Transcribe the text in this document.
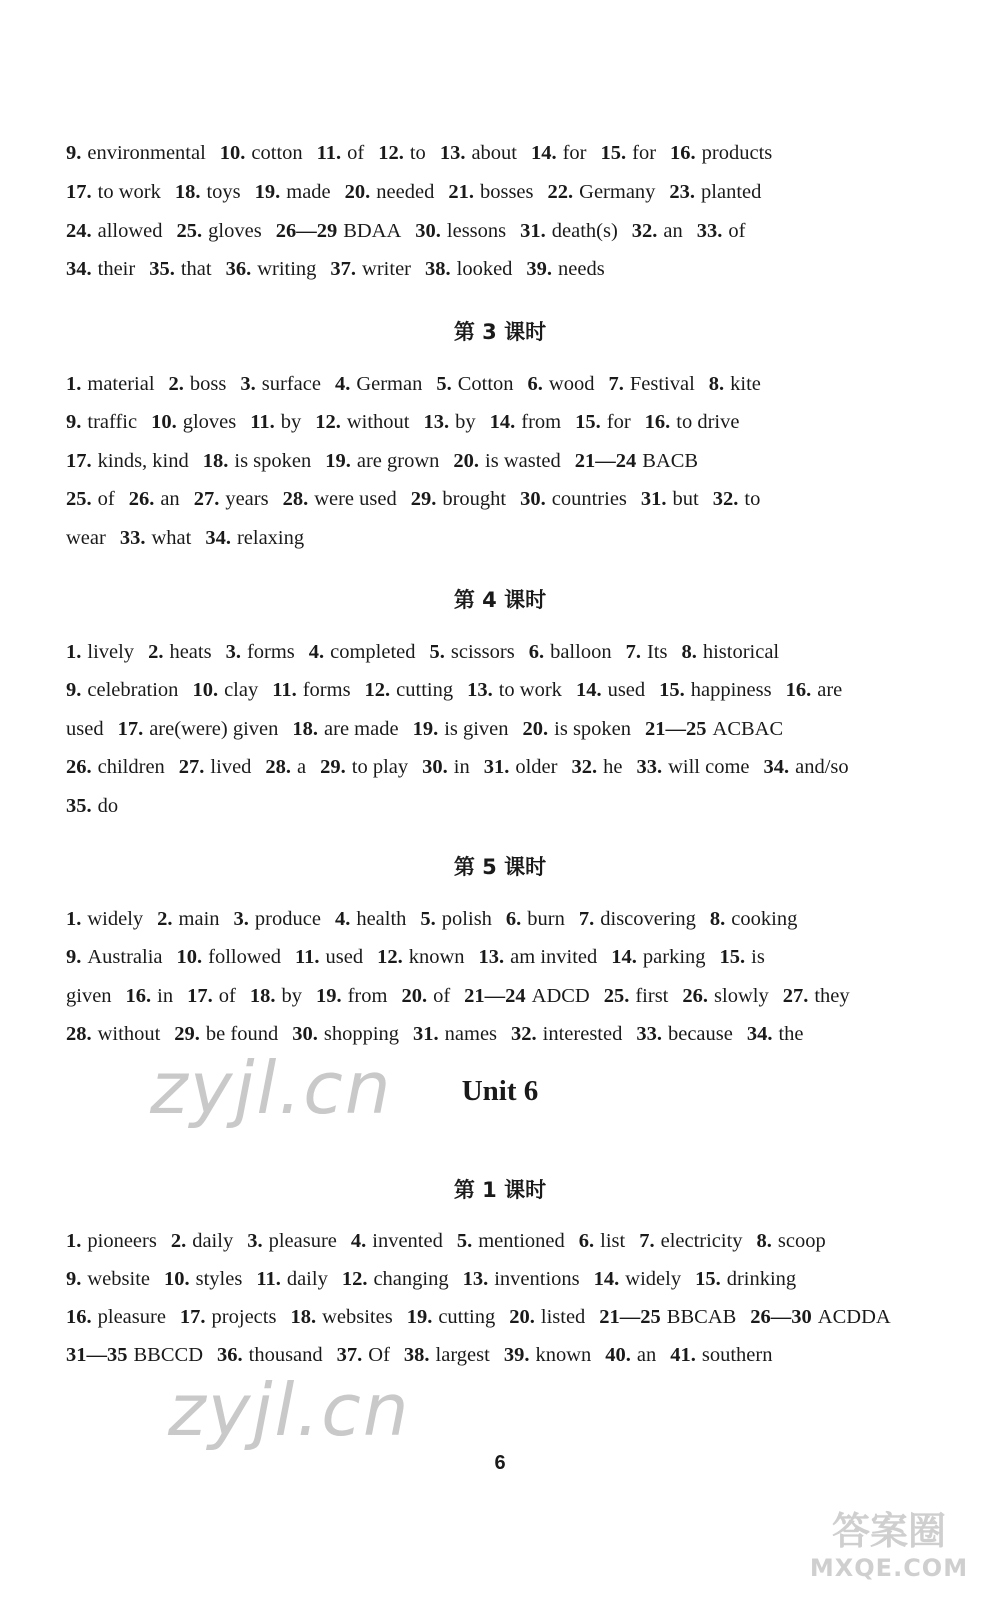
9. environmental 10. cotton 11. of 12. to 13. about 14. for 15. for 16. products
17. to work 18. toys 19. made 20. needed 21. bosses 22. Germany 23. planted
24. allowed 25. gloves 26—29 BDAA 30. lessons 31. death(s) 32. an 33. of
34. their 35. that 36. writing 37. writer 38. looked 39. needs
第 3 课时
1. material 2. boss 3. surface 4. German 5. Cotton 6. wood 7. Festival 8. kite
9. traffic 10. gloves 11. by 12. without 13. by 14. from 15. for 16. to drive
17. kinds, kind 18. is spoken 19. are grown 20. is wasted 21—24 BACB
25. of 26. an 27. years 28. were used 29. brought 30. countries 31. but 32. to
wear 33. what 34. relaxing
第 4 课时
1. lively 2. heats 3. forms 4. completed 5. scissors 6. balloon 7. Its 8. historical
9. celebration 10. clay 11. forms 12. cutting 13. to work 14. used 15. happiness 16. are
used 17. are(were) given 18. are made 19. is given 20. is spoken 21—25 ACBAC
26. children 27. lived 28. a 29. to play 30. in 31. older 32. he 33. will come 34. and/so
35. do
第 5 课时
1. widely 2. main 3. produce 4. health 5. polish 6. burn 7. discovering 8. cooking
9. Australia 10. followed 11. used 12. known 13. am invited 14. parking 15. is
given 16. in 17. of 18. by 19. from 20. of 21—24 ADCD 25. first 26. slowly 27. they
28. without 29. be found 30. shopping 31. names 32. interested 33. because 34. the
Unit 6
第 1 课时
1. pioneers 2. daily 3. pleasure 4. invented 5. mentioned 6. list 7. electricity 8. scoop
9. website 10. styles 11. daily 12. changing 13. inventions 14. widely 15. drinking
16. pleasure 17. projects 18. websites 19. cutting 20. listed 21—25 BBCAB 26—30 ACDDA
31—35 BBCCD 36. thousand 37. Of 38. largest 39. known 40. an 41. southern
6
zyjl.cn
zyjl.cn
答案圈
MXQE.COM
